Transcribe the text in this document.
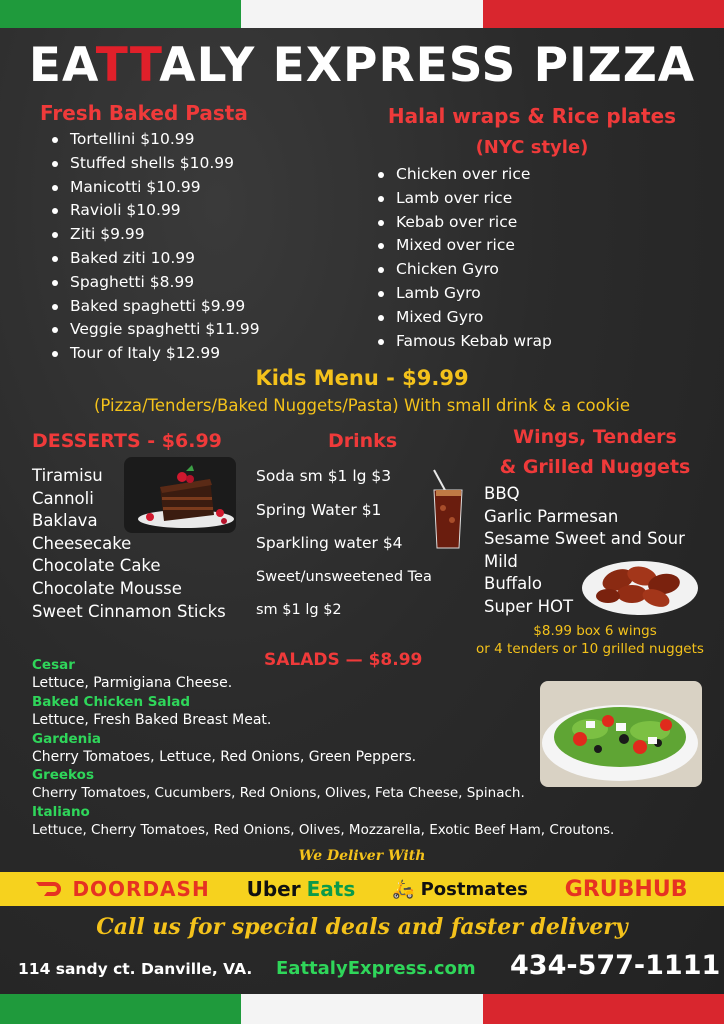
EATTALY EXPRESS PIZZA
Fresh Baked Pasta
Tortellini $10.99
Stuffed shells $10.99
Manicotti $10.99
Ravioli $10.99
Ziti $9.99
Baked ziti 10.99
Spaghetti $8.99
Baked spaghetti $9.99
Veggie spaghetti $11.99
Tour of Italy $12.99
Halal wraps & Rice plates
(NYC style)
Chicken over rice
Lamb over rice
Kebab over rice
Mixed over rice
Chicken Gyro
Lamb Gyro
Mixed Gyro
Famous Kebab wrap
Kids Menu - $9.99
(Pizza/Tenders/Baked Nuggets/Pasta) With small drink & a cookie
DESSERTS - $6.99
Tiramisu
Cannoli
Baklava
Cheesecake
Chocolate Cake
Chocolate Mousse
Sweet Cinnamon Sticks
Drinks
Soda sm $1 lg $3
Spring Water $1
Sparkling water $4
Sweet/unsweetened Tea
sm $1 lg $2
Wings, Tenders
& Grilled Nuggets
BBQ
Garlic Parmesan
Sesame Sweet and Sour
Mild
Buffalo
Super HOT
$8.99 box 6 wings
or 4 tenders or 10 grilled nuggets
SALADS — $8.99
Cesar
Lettuce, Parmigiana Cheese.
Baked Chicken Salad
Lettuce, Fresh Baked Breast Meat.
Gardenia
Cherry Tomatoes, Lettuce, Red Onions, Green Peppers.
Greekos
Cherry Tomatoes, Cucumbers, Red Onions, Olives, Feta Cheese, Spinach.
Italiano
Lettuce, Cherry Tomatoes, Red Onions, Olives, Mozzarella, Exotic Beef Ham, Croutons.
We Deliver With
DOORDASH Uber Eats 🛵 Postmates GRUBHUB
Call us for special deals and faster delivery
114 sandy ct. Danville, VA. EattalyExpress.com 434-577-1111
